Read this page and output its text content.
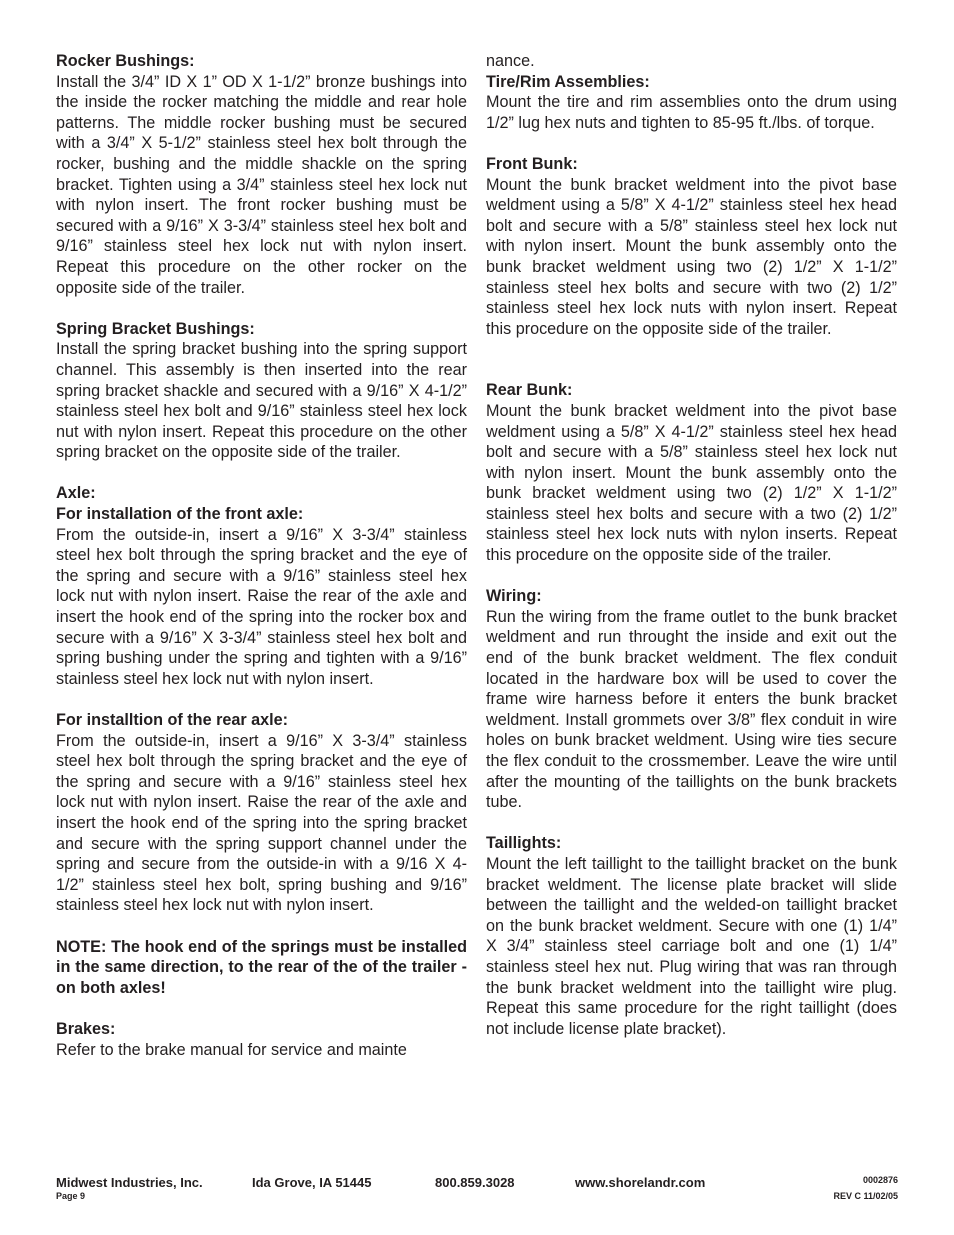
Rocker Bushings:

Install the 3/4” ID X 1” OD X 1-1/2” bronze bushings into the inside the rocker matching the middle and rear hole patterns. The middle rocker bushing must be secured with a 3/4” X 5-1/2” stainless steel hex bolt through the rocker, bushing and the middle shackle on the spring bracket. Tighten using a 3/4” stainless steel hex lock nut with nylon insert. The front rocker bushing must be secured with a 9/16” X 3-3/4” stainless steel hex bolt and 9/16” stainless steel hex lock nut with nylon insert. Repeat this procedure on the other rocker on the opposite side of the trailer.

Spring Bracket Bushings:

Install the spring bracket bushing into the spring support channel. This assembly is then inserted into the rear spring bracket shackle and secured with a 9/16” X 4-1/2” stainless steel hex bolt and 9/16” stainless steel hex lock nut with nylon insert. Repeat this procedure on the other spring bracket on the opposite side of the trailer.

Axle:
For installation of the front axle:

From the outside-in, insert a 9/16” X 3-3/4” stainless steel hex bolt through the spring bracket and the eye of the spring and secure with a 9/16” stainless steel hex lock nut with nylon insert. Raise the rear of the axle and insert the hook end of the spring into the rocker box and secure with a 9/16” X 3-3/4” stainless steel hex bolt and spring bushing under the spring and tighten with a 9/16” stainless steel hex lock nut with nylon insert.

For installtion of the rear axle:

From the outside-in, insert a 9/16” X 3-3/4” stainless steel hex bolt through the spring bracket and the eye of the spring and secure with a 9/16” stainless steel hex lock nut with nylon insert. Raise the rear of the axle and insert the hook end of the spring into the spring bracket and secure with the spring support channel under the spring and secure from the outside-in with a 9/16 X 4-1/2” stainless steel hex bolt, spring bushing and 9/16” stainless steel hex lock nut with nylon insert.

NOTE: The hook end of the springs must be installed in the same direction, to the rear of the of the trailer - on both axles!

Brakes:

Refer to the brake manual for service and mainte

nance.

Tire/Rim Assemblies:

Mount the tire and rim assemblies onto the drum using 1/2” lug hex nuts and tighten to 85-95 ft./lbs. of torque.

Front Bunk:

Mount the bunk bracket weldment into the pivot base weldment using a 5/8” X 4-1/2” stainless steel hex head bolt and secure with a 5/8” stainless steel hex lock nut with nylon insert. Mount the bunk assembly onto the bunk bracket weldment using two (2) 1/2” X 1-1/2” stainless steel hex bolts and secure with two (2) 1/2” stainless steel hex lock nuts with nylon insert. Repeat this procedure on the opposite side of the trailer.

Rear Bunk:

Mount the bunk bracket weldment into the pivot base weldment using a 5/8” X 4-1/2” stainless steel hex head bolt and secure with a 5/8” stainless steel hex lock nut with nylon insert. Mount the bunk assembly onto the bunk bracket weldment using two (2) 1/2” X 1-1/2” stainless steel hex bolts and secure with a two (2) 1/2” stainless steel hex lock nuts with nylon inserts. Repeat this procedure on the opposite side of the trailer.

Wiring:

Run the wiring from the frame outlet to the bunk bracket weldment and run throught the inside and exit out the end of the bunk bracket weldment. The flex conduit located in the hardware box will be used to cover the frame wire harness before it enters the bunk bracket weldment. Install grommets over 3/8” flex conduit in wire holes on bunk bracket weldment. Using wire ties secure the flex conduit to the crossmember. Leave the wire until after the mounting of the taillights on the bunk brackets tube.

Taillights:

Mount the left taillight to the taillight bracket on the bunk bracket weldment. The license plate bracket will slide between the taillight and the welded-on taillight bracket on the bunk bracket weldment. Secure with one (1) 1/4” X 3/4” stainless steel carriage bolt and one (1) 1/4” stainless steel hex nut. Plug wiring that was ran through the bunk bracket weldment into the taillight wire plug. Repeat this same procedure for the right taillight (does not include license plate bracket).

Midwest Industries, Inc.	Ida Grove, IA 51445	800.859.3028	www.shorelandr.com	0002876
Page 9	REV C 11/02/05
